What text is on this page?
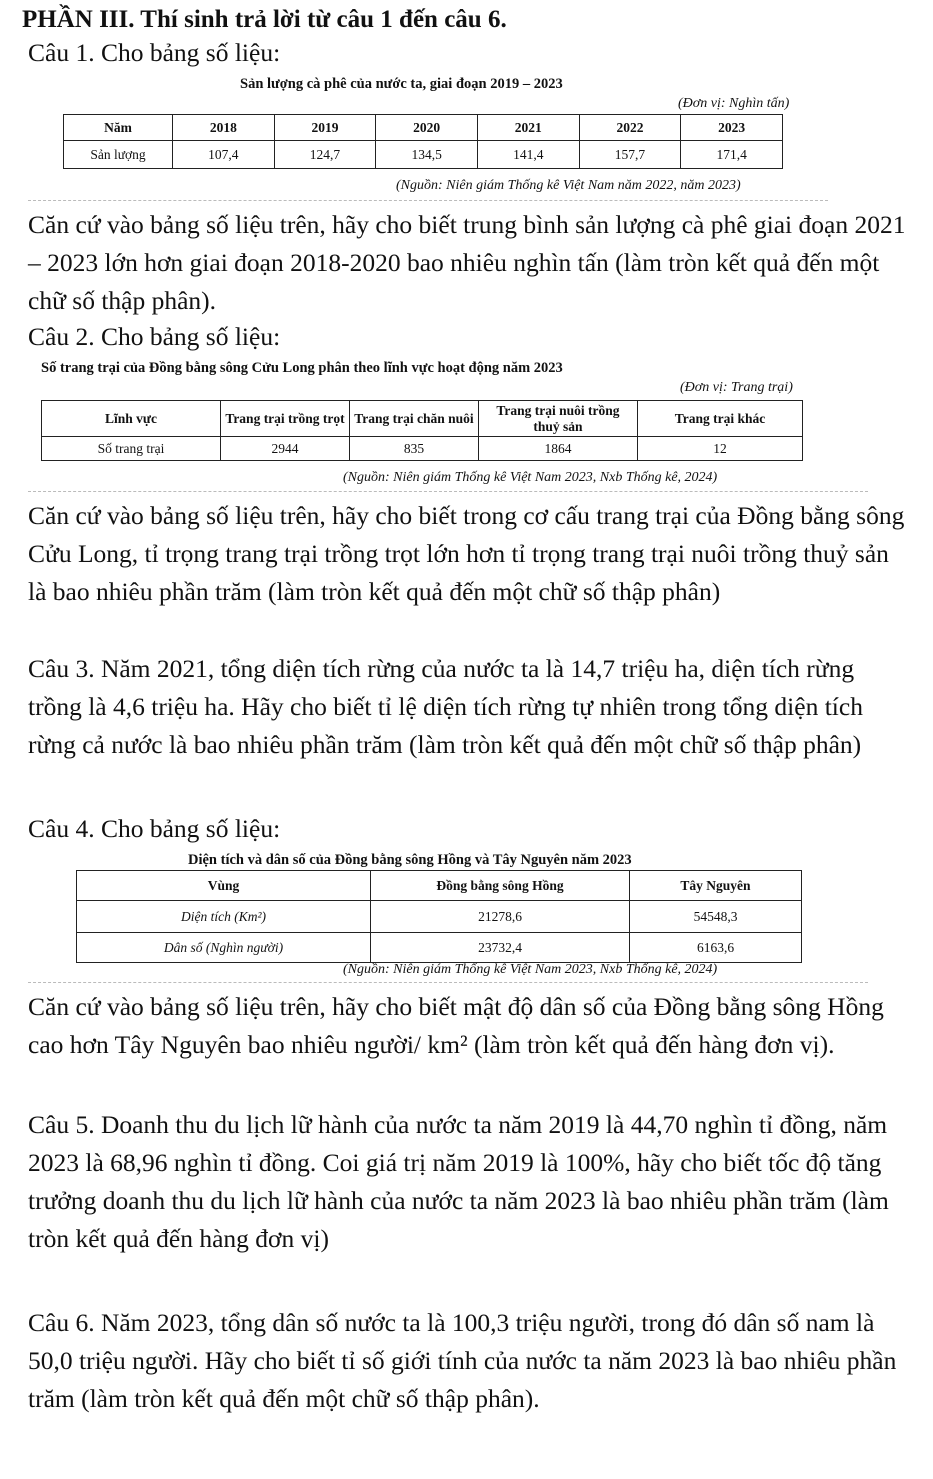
PHẦN III. Thí sinh trả lời từ câu 1 đến câu 6.
Câu 1. Cho bảng số liệu:
Sản lượng cà phê của nước ta, giai đoạn 2019 – 2023
(Đơn vị: Nghìn tấn)
Năm	2018	2019	2020	2021	2022	2023
Sản lượng	107,4	124,7	134,5	141,4	157,7	171,4
(Nguồn: Niên giám Thống kê Việt Nam năm 2022, năm 2023)
Căn cứ vào bảng số liệu trên, hãy cho biết trung bình sản lượng cà phê giai đoạn 2021 – 2023 lớn hơn giai đoạn 2018-2020 bao nhiêu nghìn tấn (làm tròn kết quả đến một chữ số thập phân).
Câu 2. Cho bảng số liệu:
Số trang trại của Đồng bằng sông Cửu Long phân theo lĩnh vực hoạt động năm 2023
(Đơn vị: Trang trại)
Lĩnh vực	Trang trại trồng trọt	Trang trại chăn nuôi	Trang trại nuôi trồng thuỷ sản	Trang trại khác
Số trang trại	2944	835	1864	12
(Nguồn: Niên giám Thống kê Việt Nam 2023, Nxb Thống kê, 2024)
Căn cứ vào bảng số liệu trên, hãy cho biết trong cơ cấu trang trại của Đồng bằng sông Cửu Long, tỉ trọng trang trại trồng trọt lớn hơn tỉ trọng trang trại nuôi trồng thuỷ sản là bao nhiêu phần trăm (làm tròn kết quả đến một chữ số thập phân)
Câu 3. Năm 2021, tổng diện tích rừng của nước ta là 14,7 triệu ha, diện tích rừng trồng là 4,6 triệu ha. Hãy cho biết tỉ lệ diện tích rừng tự nhiên trong tổng diện tích rừng cả nước là bao nhiêu phần trăm (làm tròn kết quả đến một chữ số thập phân)
Câu 4. Cho bảng số liệu:
Diện tích và dân số của Đồng bằng sông Hồng và Tây Nguyên năm 2023
Vùng	Đồng bằng sông Hồng	Tây Nguyên
Diện tích (Km²)	21278,6	54548,3
Dân số (Nghìn người)	23732,4	6163,6
(Nguồn: Niên giám Thống kê Việt Nam 2023, Nxb Thống kê, 2024)
Căn cứ vào bảng số liệu trên, hãy cho biết mật độ dân số của Đồng bằng sông Hồng cao hơn Tây Nguyên bao nhiêu người/ km² (làm tròn kết quả đến hàng đơn vị).
Câu 5. Doanh thu du lịch lữ hành của nước ta năm 2019 là 44,70 nghìn tỉ đồng, năm 2023 là 68,96 nghìn tỉ đồng. Coi giá trị năm 2019 là 100%, hãy cho biết tốc độ tăng trưởng doanh thu du lịch lữ hành của nước ta năm 2023 là bao nhiêu phần trăm (làm tròn kết quả đến hàng đơn vị)
Câu 6. Năm 2023, tổng dân số nước ta là 100,3 triệu người, trong đó dân số nam là 50,0 triệu người. Hãy cho biết tỉ số giới tính của nước ta năm 2023 là bao nhiêu phần trăm (làm tròn kết quả đến một chữ số thập phân).
